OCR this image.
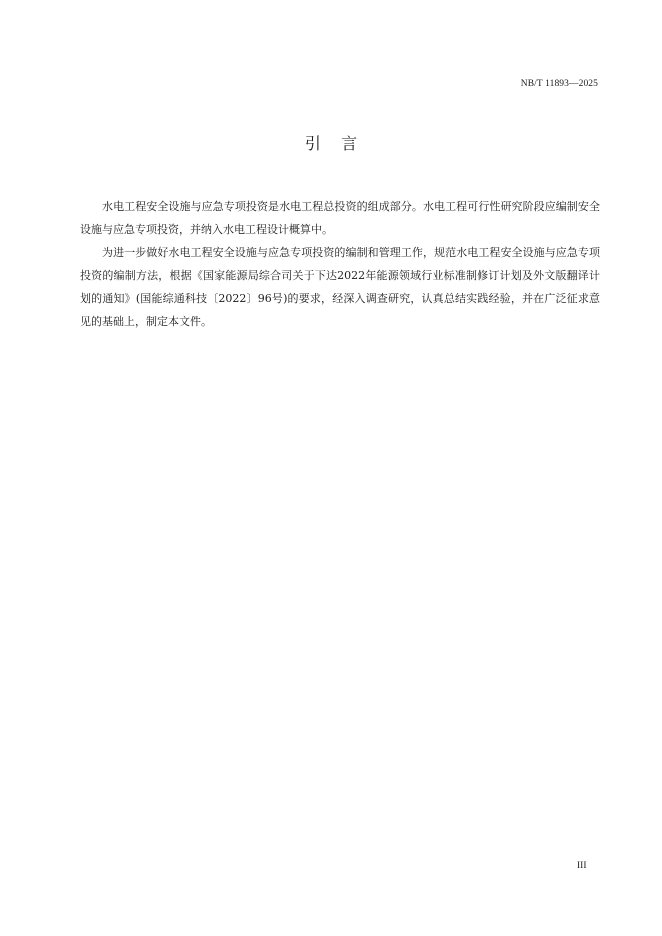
NB/T 11893—2025
引    言

水电工程安全设施与应急专项投资是水电工程总投资的组成部分。水电工程可行性研究阶段应编制安全设施与应急专项投资，并纳入水电工程设计概算中。

为进一步做好水电工程安全设施与应急专项投资的编制和管理工作，规范水电工程安全设施与应急专项投资的编制方法，根据《国家能源局综合司关于下达2022年能源领域行业标准制修订计划及外文版翻译计划的通知》(国能综通科技〔2022〕96号)的要求，经深入调查研究，认真总结实践经验，并在广泛征求意见的基础上，制定本文件。

III
